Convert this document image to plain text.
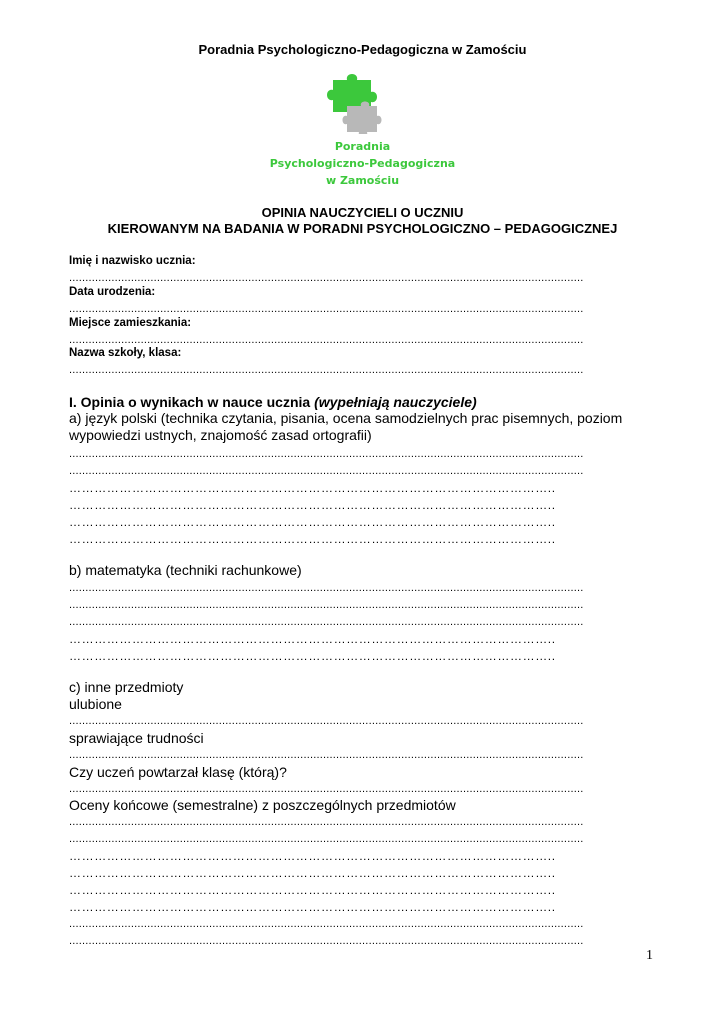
Poradnia Psychologiczno-Pedagogiczna w Zamościu
Poradnia
Psychologiczno-Pedagogiczna
w Zamościu
OPINIA NAUCZYCIELI O UCZNIU
KIEROWANYM NA BADANIA W PORADNI PSYCHOLOGICZNO – PEDAGOGICZNEJ
Imię i nazwisko ucznia:
..............................................................................................................................................................
Data urodzenia:
..............................................................................................................................................................
Miejsce zamieszkania:
..............................................................................................................................................................
Nazwa szkoły, klasa:
..............................................................................................................................................................
I. Opinia o wynikach w nauce ucznia (wypełniają nauczyciele)
a) język polski (technika czytania, pisania, ocena samodzielnych prac pisemnych, poziom wypowiedzi ustnych, znajomość zasad ortografii)
..............................................................................................................................................................
..............................................................................................................................................................
……………………………………………………………………………………………………..
……………………………………………………………………………………………………..
……………………………………………………………………………………………………..
……………………………………………………………………………………………………..
b) matematyka (techniki rachunkowe)
..............................................................................................................................................................
..............................................................................................................................................................
..............................................................................................................................................................
……………………………………………………………………………………………………..
……………………………………………………………………………………………………..
c) inne przedmioty
ulubione
..............................................................................................................................................................
sprawiające trudności
..............................................................................................................................................................
Czy uczeń powtarzał klasę (którą)?
..............................................................................................................................................................
Oceny końcowe (semestralne) z poszczególnych przedmiotów
..............................................................................................................................................................
..............................................................................................................................................................
……………………………………………………………………………………………………..
……………………………………………………………………………………………………..
……………………………………………………………………………………………………..
……………………………………………………………………………………………………..
..............................................................................................................................................................
..............................................................................................................................................................
1
